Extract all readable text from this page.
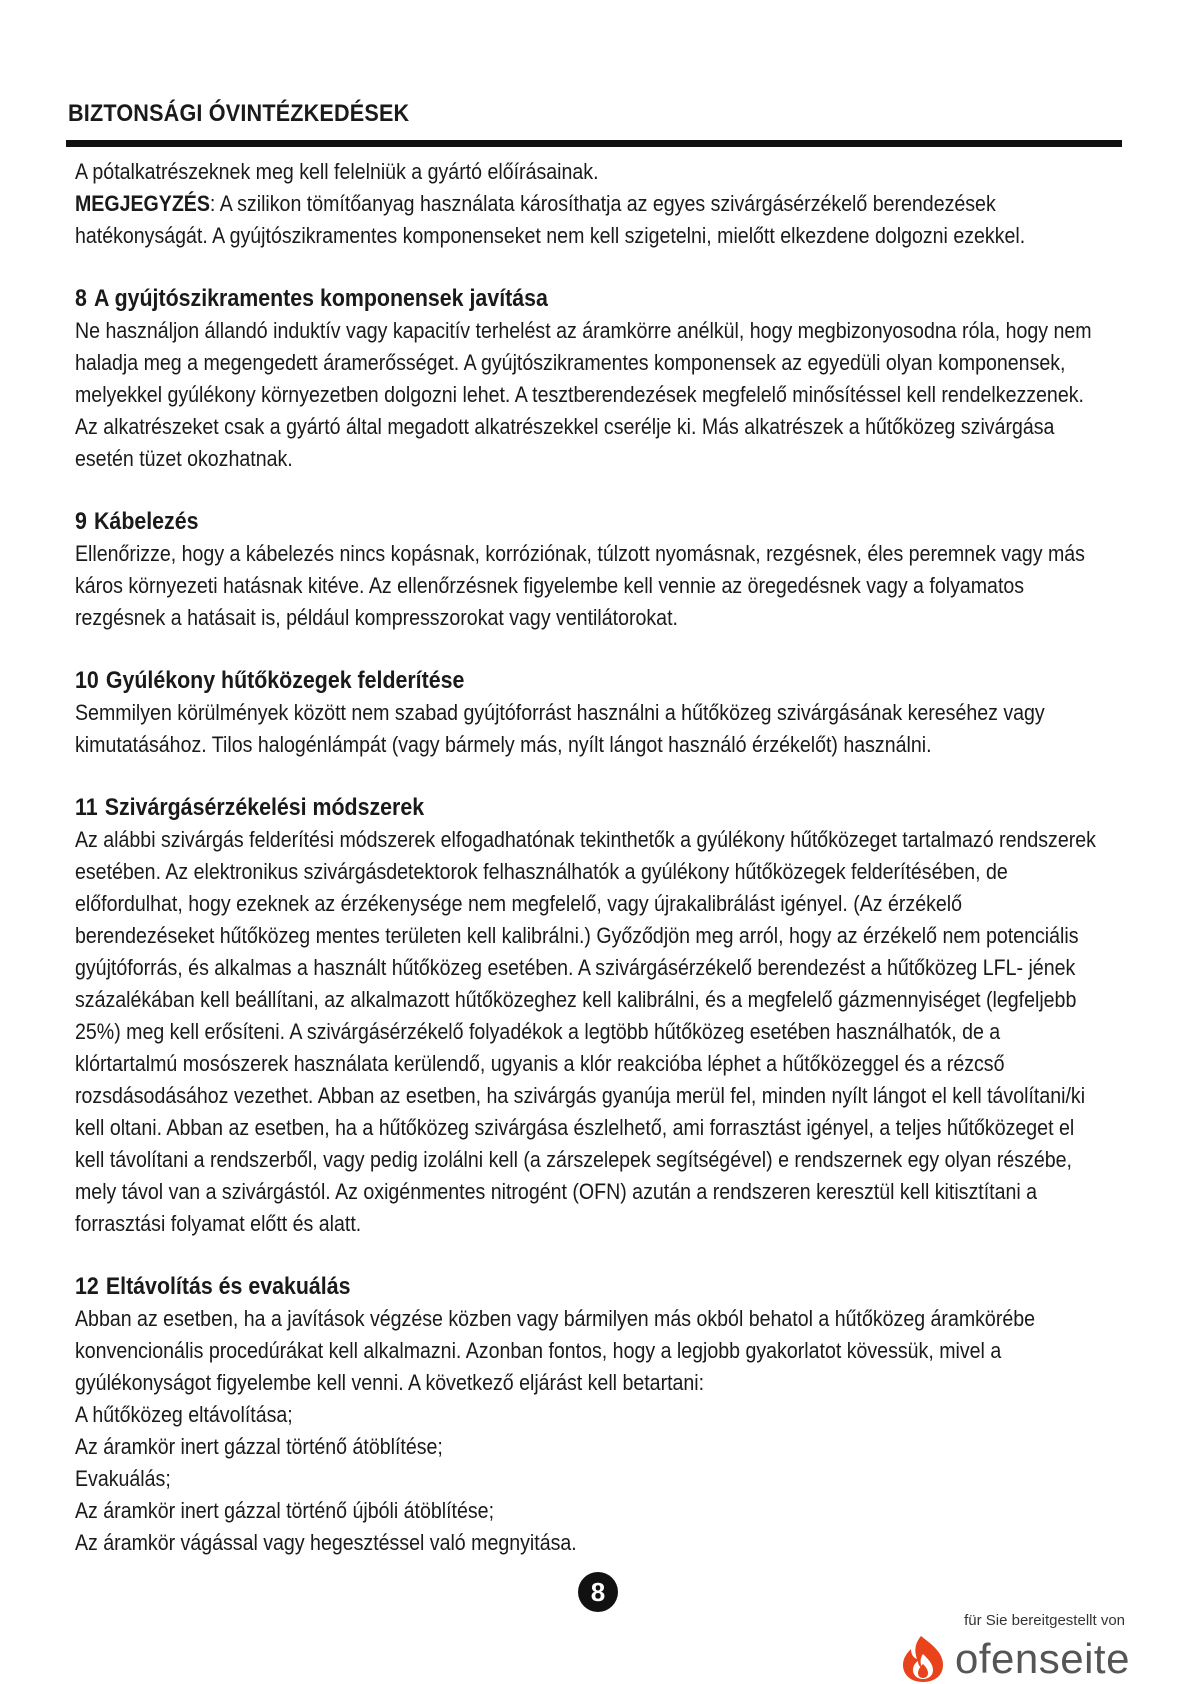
BIZTONSÁGI ÓVINTÉZKEDÉSEK

A pótalkatrészeknek meg kell felelniük a gyártó előírásainak.

MEGJEGYZÉS: A szilikon tömítőanyag használata károsíthatja az egyes szivárgásérzékelő berendezések hatékonyságát. A gyújtószikramentes komponenseket nem kell szigetelni, mielőtt elkezdene dolgozni ezekkel.

8 A gyújtószikramentes komponensek javítása

Ne használjon állandó induktív vagy kapacitív terhelést az áramkörre anélkül, hogy megbizonyosodna róla, hogy nem haladja meg a megengedett áramerősséget. A gyújtószikramentes komponensek az egyedüli olyan komponensek, melyekkel gyúlékony környezetben dolgozni lehet. A tesztberendezések megfelelő minősítéssel kell rendelkezzenek. Az alkatrészeket csak a gyártó által megadott alkatrészekkel cserélje ki. Más alkatrészek a hűtőközeg szivárgása esetén tüzet okozhatnak.

9 Kábelezés

Ellenőrizze, hogy a kábelezés nincs kopásnak, korróziónak, túlzott nyomásnak, rezgésnek, éles peremnek vagy más káros környezeti hatásnak kitéve. Az ellenőrzésnek figyelembe kell vennie az öregedésnek vagy a folyamatos rezgésnek a hatásait is, például kompresszorokat vagy ventilátorokat.

10 Gyúlékony hűtőközegek felderítése

Semmilyen körülmények között nem szabad gyújtóforrást használni a hűtőközeg szivárgásának kereséhez vagy kimutatásához. Tilos halogénlámpát (vagy bármely más, nyílt lángot használó érzékelőt) használni.

11 Szivárgásérzékelési módszerek

Az alábbi szivárgás felderítési módszerek elfogadhatónak tekinthetők a gyúlékony hűtőközeget tartalmazó rendszerek esetében. Az elektronikus szivárgásdetektorok felhasználhatók a gyúlékony hűtőközegek felderítésében, de előfordulhat, hogy ezeknek az érzékenysége nem megfelelő, vagy újrakalibrálást igényel. (Az érzékelő berendezéseket hűtőközeg mentes területen kell kalibrálni.) Győződjön meg arról, hogy az érzékelő nem potenciális gyújtóforrás, és alkalmas a használt hűtőközeg esetében. A szivárgásérzékelő berendezést a hűtőközeg LFL- jének százalékában kell beállítani, az alkalmazott hűtőközeghez kell kalibrálni, és a megfelelő gázmennyiséget (legfeljebb 25%) meg kell erősíteni. A szivárgásérzékelő folyadékok a legtöbb hűtőközeg esetében használhatók, de a klórtartalmú mosószerek használata kerülendő, ugyanis a klór reakcióba léphet a hűtőközeggel és a rézcső rozsdásodásához vezethet. Abban az esetben, ha szivárgás gyanúja merül fel, minden nyílt lángot el kell távolítani/ki kell oltani. Abban az esetben, ha a hűtőközeg szivárgása észlelhető, ami forrasztást igényel, a teljes hűtőközeget el kell távolítani a rendszerből, vagy pedig izolálni kell (a zárszelepek segítségével) e rendszernek egy olyan részébe, mely távol van a szivárgástól. Az oxigénmentes nitrogént (OFN) azután a rendszeren keresztül kell kitisztítani a forrasztási folyamat előtt és alatt.

12 Eltávolítás és evakuálás

Abban az esetben, ha a javítások végzése közben vagy bármilyen más okból behatol a hűtőközeg áramkörébe konvencionális procedúrákat kell alkalmazni. Azonban fontos, hogy a legjobb gyakorlatot kövessük, mivel a gyúlékonyságot figyelembe kell venni. A következő eljárást kell betartani:

A hűtőközeg eltávolítása;

Az áramkör inert gázzal történő átöblítése;

Evakuálás;

Az áramkör inert gázzal történő újbóli átöblítése;

Az áramkör vágással vagy hegesztéssel való megnyitása.

8
für Sie bereitgestellt von
ofenseite
